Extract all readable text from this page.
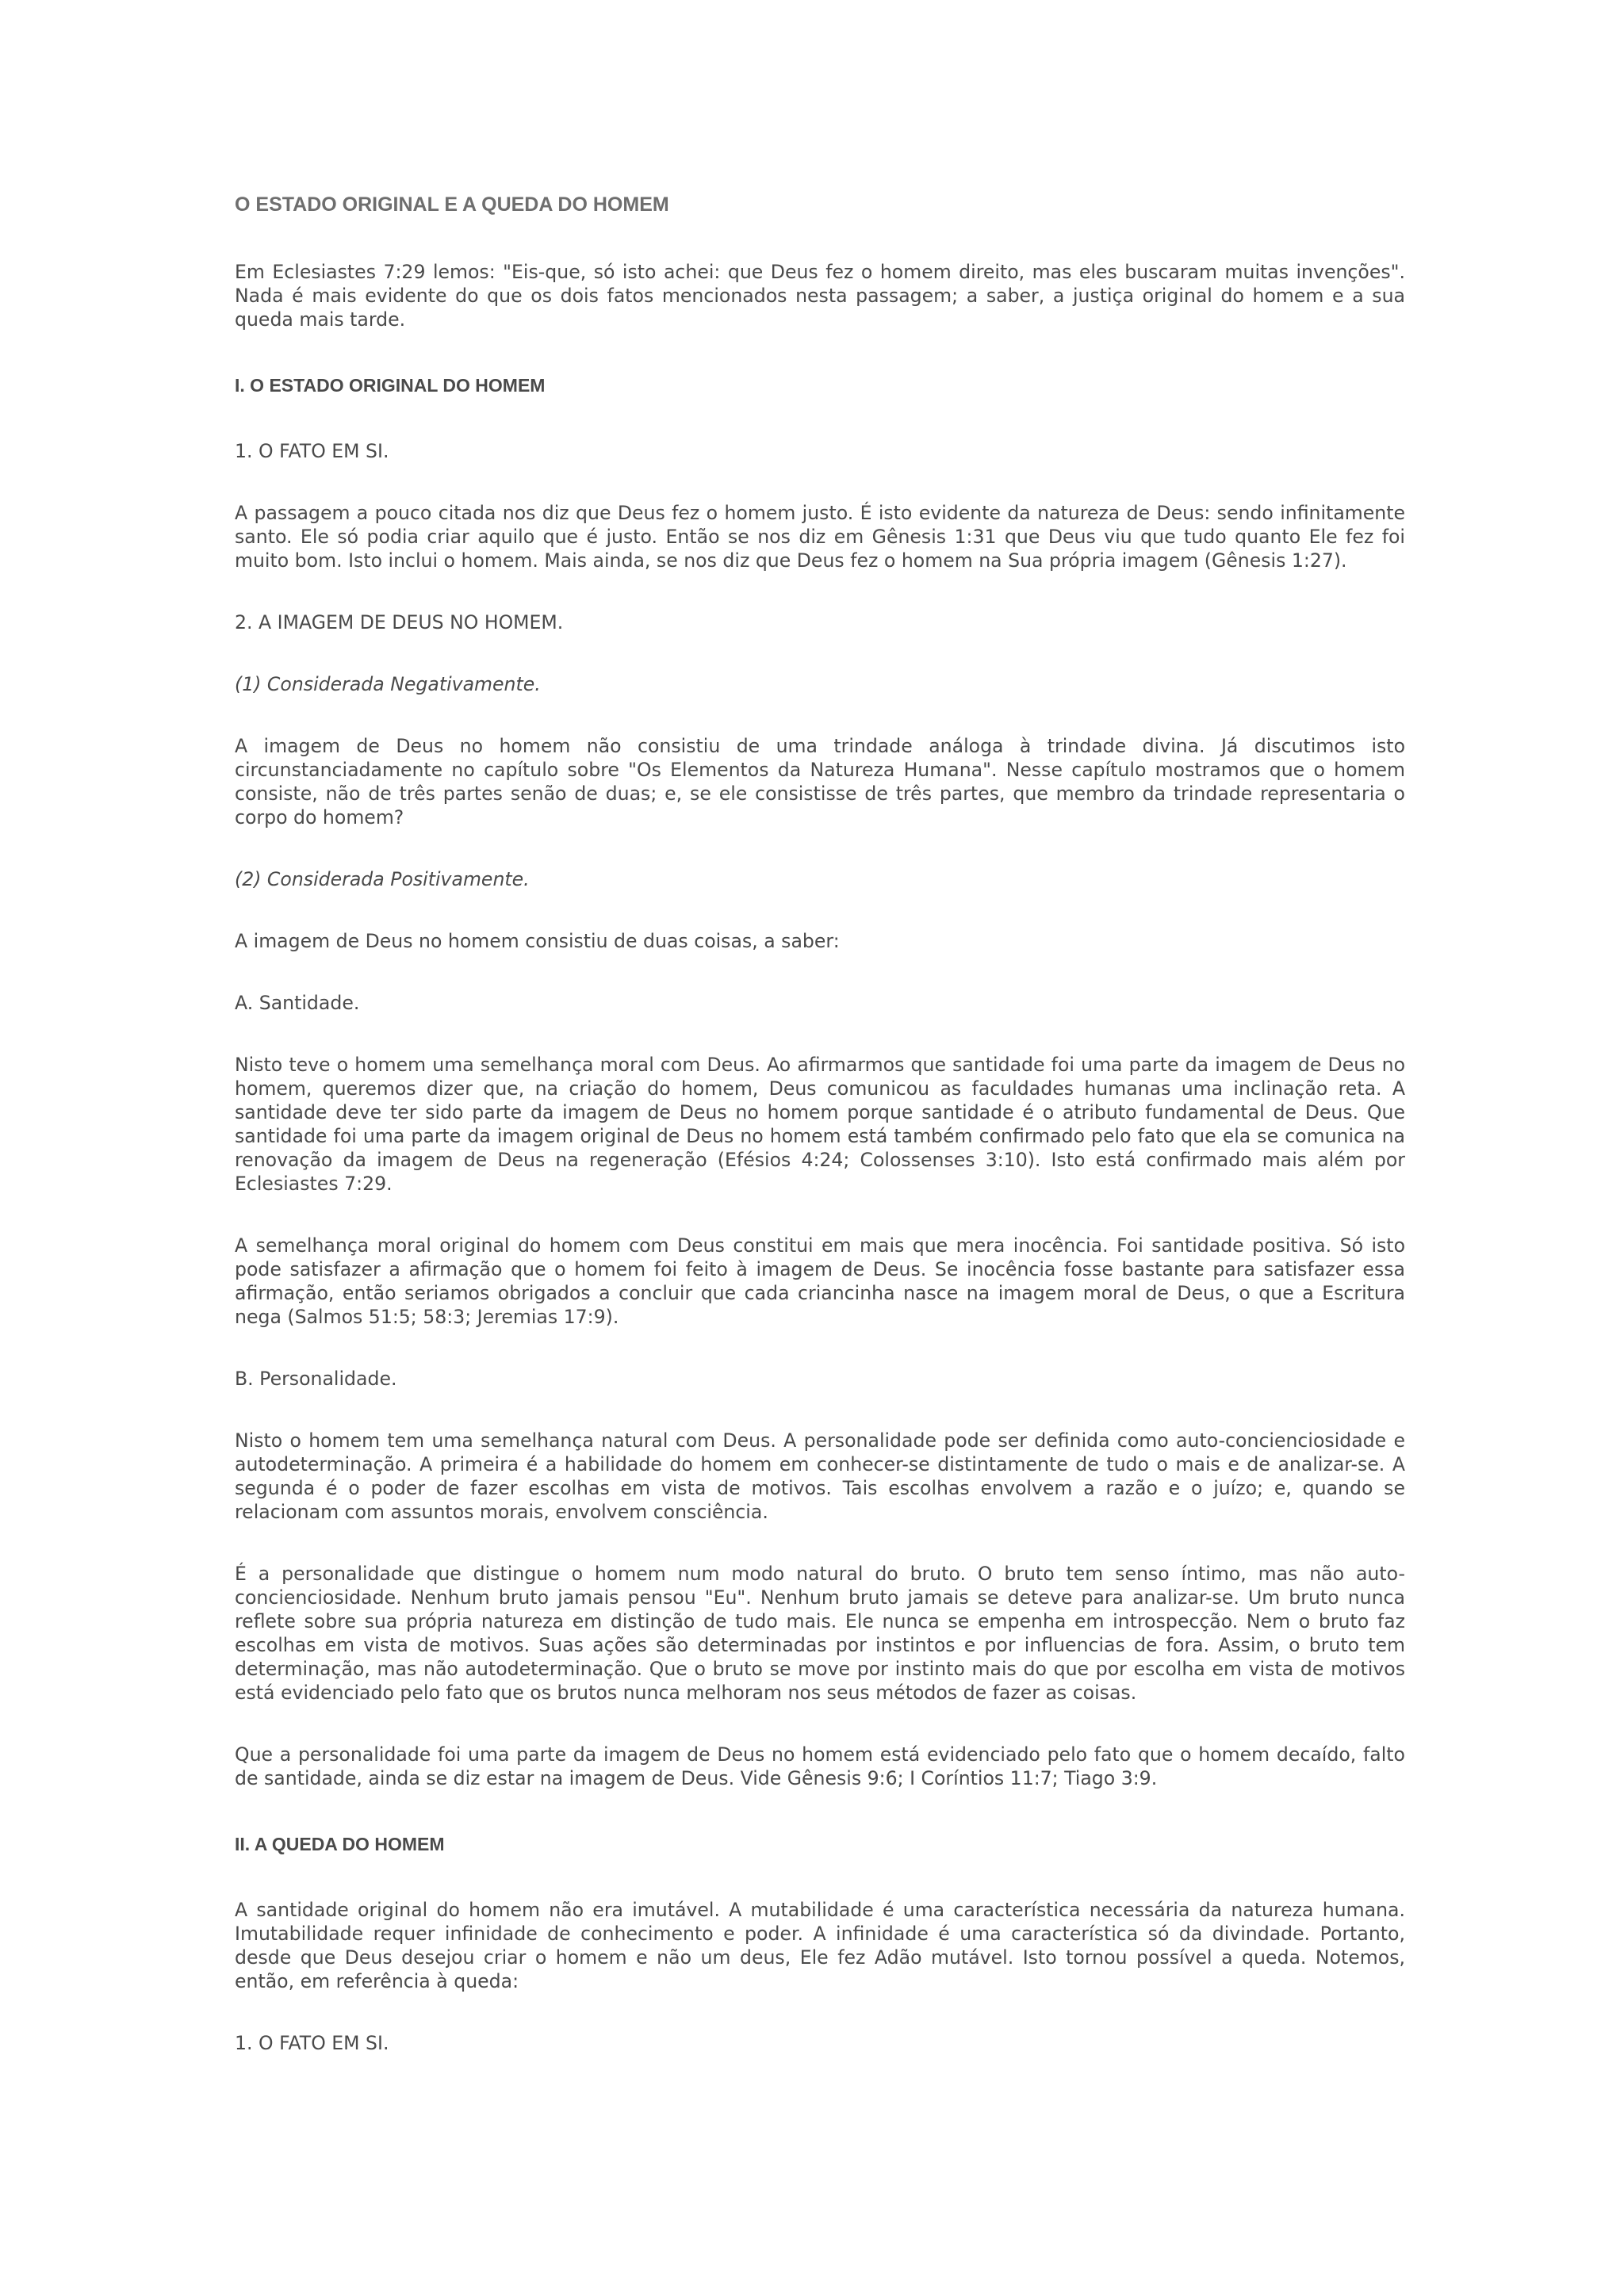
O ESTADO ORIGINAL E A QUEDA DO HOMEM

Em Eclesiastes 7:29 lemos: "Eis-que, só isto achei: que Deus fez o homem direito, mas eles buscaram muitas invenções". Nada é mais evidente do que os dois fatos mencionados nesta passagem; a saber, a justiça original do homem e a sua queda mais tarde.

I. O ESTADO ORIGINAL DO HOMEM
1. O FATO EM SI.

A passagem a pouco citada nos diz que Deus fez o homem justo. É isto evidente da natureza de Deus: sendo infinitamente santo. Ele só podia criar aquilo que é justo. Então se nos diz em Gênesis 1:31 que Deus viu que tudo quanto Ele fez foi muito bom. Isto inclui o homem. Mais ainda, se nos diz que Deus fez o homem na Sua própria imagem (Gênesis 1:27).

2. A IMAGEM DE DEUS NO HOMEM.
(1) Considerada Negativamente.

A imagem de Deus no homem não consistiu de uma trindade análoga à trindade divina. Já discutimos isto circunstanciadamente no capítulo sobre "Os Elementos da Natureza Humana". Nesse capítulo mostramos que o homem consiste, não de três partes senão de duas; e, se ele consistisse de três partes, que membro da trindade representaria o corpo do homem?

(2) Considerada Positivamente.

A imagem de Deus no homem consistiu de duas coisas, a saber:

A. Santidade.

Nisto teve o homem uma semelhança moral com Deus. Ao afirmarmos que santidade foi uma parte da imagem de Deus no homem, queremos dizer que, na criação do homem, Deus comunicou as faculdades humanas uma inclinação reta. A santidade deve ter sido parte da imagem de Deus no homem porque santidade é o atributo fundamental de Deus. Que santidade foi uma parte da imagem original de Deus no homem está também confirmado pelo fato que ela se comunica na renovação da imagem de Deus na regeneração (Efésios 4:24; Colossenses 3:10). Isto está confirmado mais além por Eclesiastes 7:29.

A semelhança moral original do homem com Deus constitui em mais que mera inocência. Foi santidade positiva. Só isto pode satisfazer a afirmação que o homem foi feito à imagem de Deus. Se inocência fosse bastante para satisfazer essa afirmação, então seriamos obrigados a concluir que cada criancinha nasce na imagem moral de Deus, o que a Escritura nega (Salmos 51:5; 58:3; Jeremias 17:9).

B. Personalidade.

Nisto o homem tem uma semelhança natural com Deus. A personalidade pode ser definida como auto-concienciosidade e autodeterminação. A primeira é a habilidade do homem em conhecer-se distintamente de tudo o mais e de analizar-se. A segunda é o poder de fazer escolhas em vista de motivos. Tais escolhas envolvem a razão e o juízo; e, quando se relacionam com assuntos morais, envolvem consciência.

É a personalidade que distingue o homem num modo natural do bruto. O bruto tem senso íntimo, mas não auto-concienciosidade. Nenhum bruto jamais pensou "Eu". Nenhum bruto jamais se deteve para analizar-se. Um bruto nunca reflete sobre sua própria natureza em distinção de tudo mais. Ele nunca se empenha em introspecção. Nem o bruto faz escolhas em vista de motivos. Suas ações são determinadas por instintos e por influencias de fora. Assim, o bruto tem determinação, mas não autodeterminação. Que o bruto se move por instinto mais do que por escolha em vista de motivos está evidenciado pelo fato que os brutos nunca melhoram nos seus métodos de fazer as coisas.

Que a personalidade foi uma parte da imagem de Deus no homem está evidenciado pelo fato que o homem decaído, falto de santidade, ainda se diz estar na imagem de Deus. Vide Gênesis 9:6; I Coríntios 11:7; Tiago 3:9.

II. A QUEDA DO HOMEM

A santidade original do homem não era imutável. A mutabilidade é uma característica necessária da natureza humana. Imutabilidade requer infinidade de conhecimento e poder. A infinidade é uma característica só da divindade. Portanto, desde que Deus desejou criar o homem e não um deus, Ele fez Adão mutável. Isto tornou possível a queda. Notemos, então, em referência à queda:

1. O FATO EM SI.
